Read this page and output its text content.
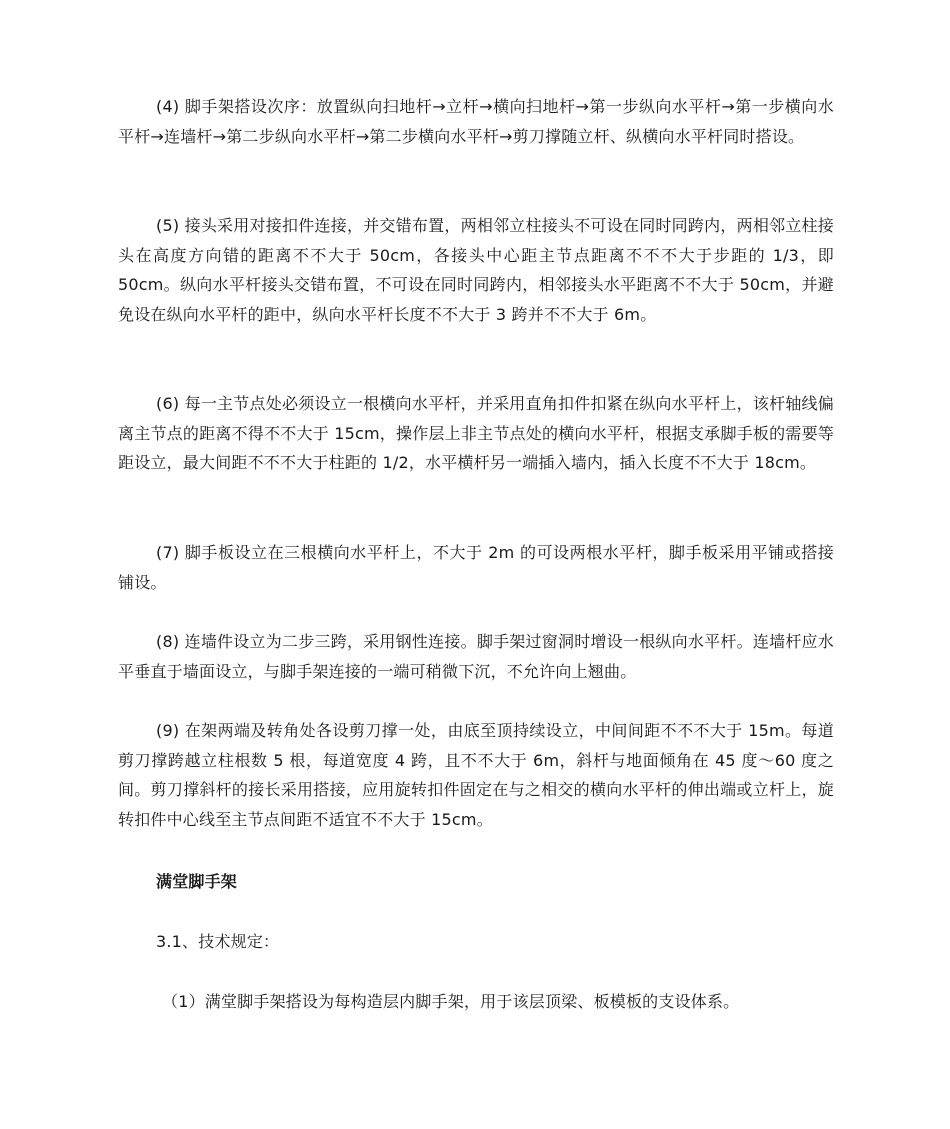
(4) 脚手架搭设次序：放置纵向扫地杆→立杆→横向扫地杆→第一步纵向水平杆→第一步横向水平杆→连墙杆→第二步纵向水平杆→第二步横向水平杆→剪刀撑随立杆、纵横向水平杆同时搭设。

(5) 接头采用对接扣件连接，并交错布置，两相邻立柱接头不可设在同时同跨内，两相邻立柱接头在高度方向错的距离不不大于 50cm，各接头中心距主节点距离不不不大于步距的 1/3，即 50cm。纵向水平杆接头交错布置，不可设在同时同跨内，相邻接头水平距离不不大于 50cm，并避免设在纵向水平杆的距中，纵向水平杆长度不不大于 3 跨并不不大于 6m。

(6) 每一主节点处必须设立一根横向水平杆，并采用直角扣件扣紧在纵向水平杆上，该杆轴线偏离主节点的距离不得不不大于 15cm，操作层上非主节点处的横向水平杆，根据支承脚手板的需要等距设立，最大间距不不不大于柱距的 1/2，水平横杆另一端插入墙内，插入长度不不大于 18cm。

(7) 脚手板设立在三根横向水平杆上，不大于 2m 的可设两根水平杆，脚手板采用平铺或搭接铺设。

(8) 连墙件设立为二步三跨，采用钢性连接。脚手架过窗洞时增设一根纵向水平杆。连墙杆应水平垂直于墙面设立，与脚手架连接的一端可稍微下沉，不允许向上翘曲。

(9) 在架两端及转角处各设剪刀撑一处，由底至顶持续设立，中间间距不不不大于 15m。每道剪刀撑跨越立柱根数 5 根，每道宽度 4 跨，且不不大于 6m，斜杆与地面倾角在 45 度～60 度之间。剪刀撑斜杆的接长采用搭接，应用旋转扣件固定在与之相交的横向水平杆的伸出端或立杆上，旋转扣件中心线至主节点间距不适宜不不大于 15cm。

满堂脚手架

3.1、技术规定：

（1）满堂脚手架搭设为每构造层内脚手架，用于该层顶梁、板模板的支设体系。
